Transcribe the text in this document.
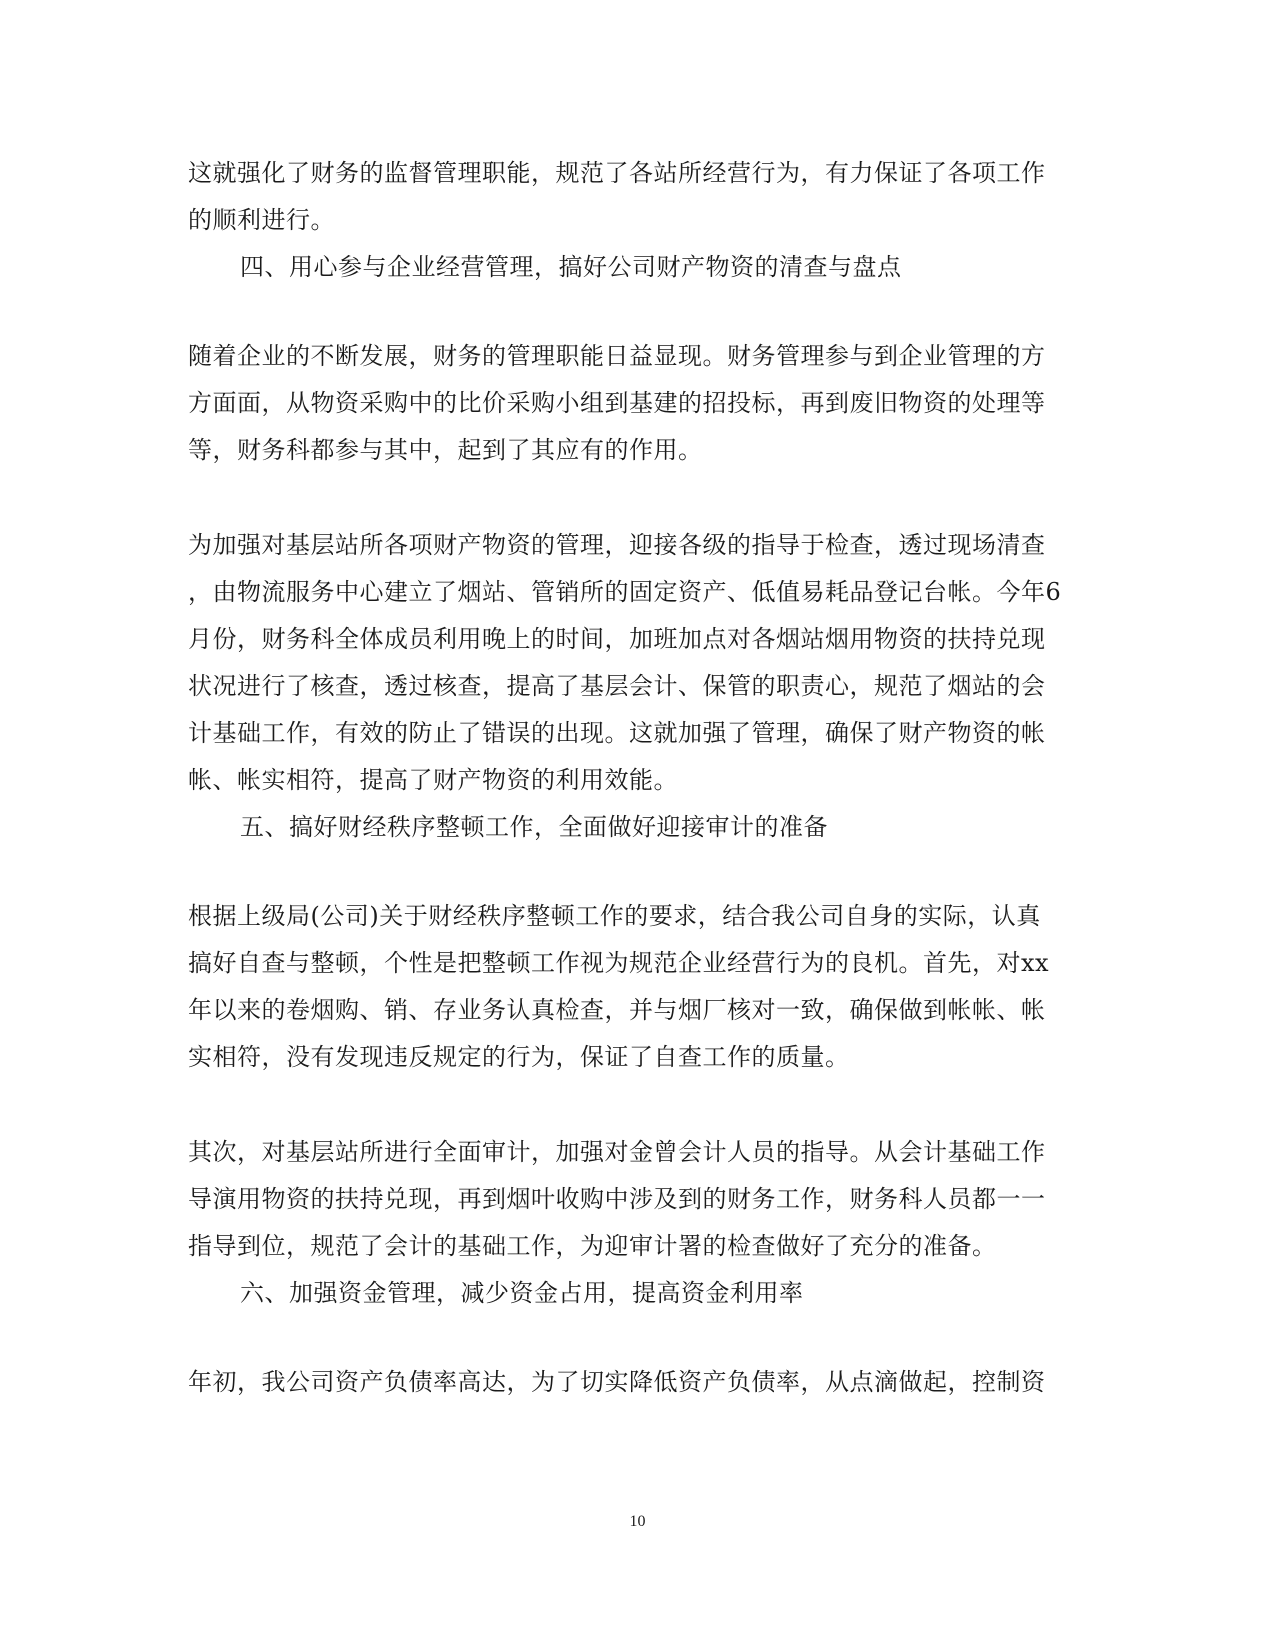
这就强化了财务的监督管理职能，规范了各站所经营行为，有力保证了各项工作
的顺利进行。
四、用心参与企业经营管理，搞好公司财产物资的清查与盘点
随着企业的不断发展，财务的管理职能日益显现。财务管理参与到企业管理的方
方面面，从物资采购中的比价采购小组到基建的招投标，再到废旧物资的处理等
等，财务科都参与其中，起到了其应有的作用。
为加强对基层站所各项财产物资的管理，迎接各级的指导于检查，透过现场清查
，由物流服务中心建立了烟站、管销所的固定资产、低值易耗品登记台帐。今年6
月份，财务科全体成员利用晚上的时间，加班加点对各烟站烟用物资的扶持兑现
状况进行了核查，透过核查，提高了基层会计、保管的职责心，规范了烟站的会
计基础工作，有效的防止了错误的出现。这就加强了管理，确保了财产物资的帐
帐、帐实相符，提高了财产物资的利用效能。
五、搞好财经秩序整顿工作，全面做好迎接审计的准备
根据上级局(公司)关于财经秩序整顿工作的要求，结合我公司自身的实际，认真
搞好自查与整顿，个性是把整顿工作视为规范企业经营行为的良机。首先，对xx
年以来的卷烟购、销、存业务认真检查，并与烟厂核对一致，确保做到帐帐、帐
实相符，没有发现违反规定的行为，保证了自查工作的质量。
其次，对基层站所进行全面审计，加强对金曾会计人员的指导。从会计基础工作
导演用物资的扶持兑现，再到烟叶收购中涉及到的财务工作，财务科人员都一一
指导到位，规范了会计的基础工作，为迎审计署的检查做好了充分的准备。
六、加强资金管理，减少资金占用，提高资金利用率
年初，我公司资产负债率高达，为了切实降低资产负债率，从点滴做起，控制资
10
